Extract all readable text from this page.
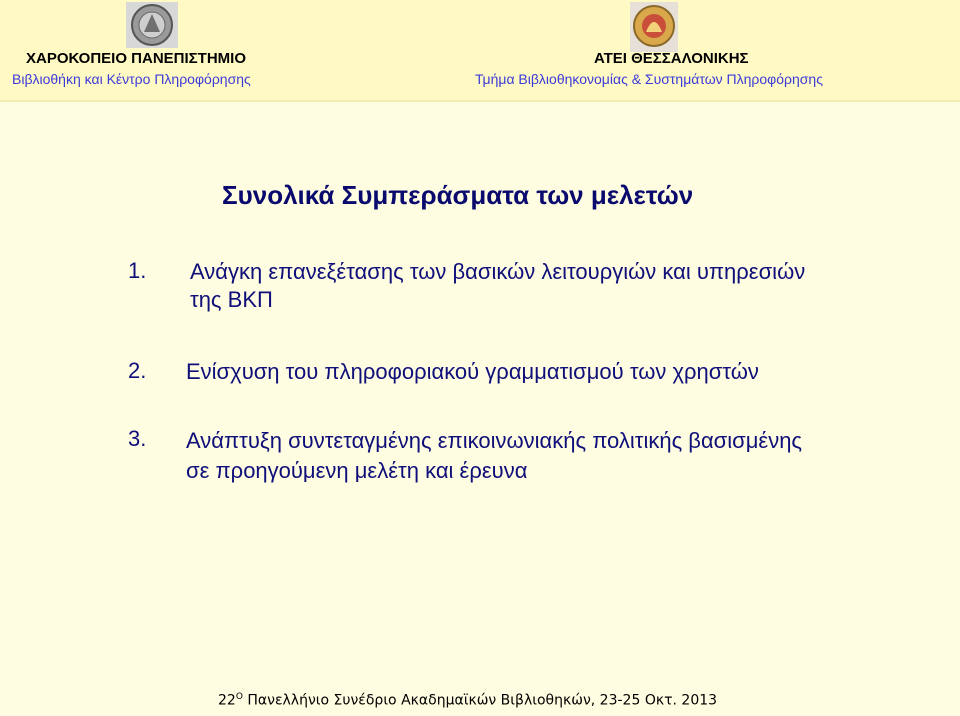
ΧΑΡΟΚΟΠΕΙΟ ΠΑΝΕΠΙΣΤΗΜΙΟ
Βιβλιοθήκη και Κέντρο Πληροφόρησης
ΑΤΕΙ ΘΕΣΣΑΛΟΝΙΚΗΣ
Τμήμα Βιβλιοθηκονομίας & Συστημάτων Πληροφόρησης
Συνολικά Συμπεράσματα των μελετών
1. Ανάγκη επανεξέτασης των βασικών λειτουργιών και υπηρεσιών της ΒΚΠ
2. Ενίσχυση του πληροφοριακού γραμματισμού των χρηστών
3. Ανάπτυξη συντεταγμένης επικοινωνιακής πολιτικής βασισμένης σε προηγούμενη μελέτη και έρευνα
$22^O$ Πανελλήνιο Συνέδριο Ακαδημαϊκών Βιβλιοθηκών, 23-25 Οκτ. 2013
